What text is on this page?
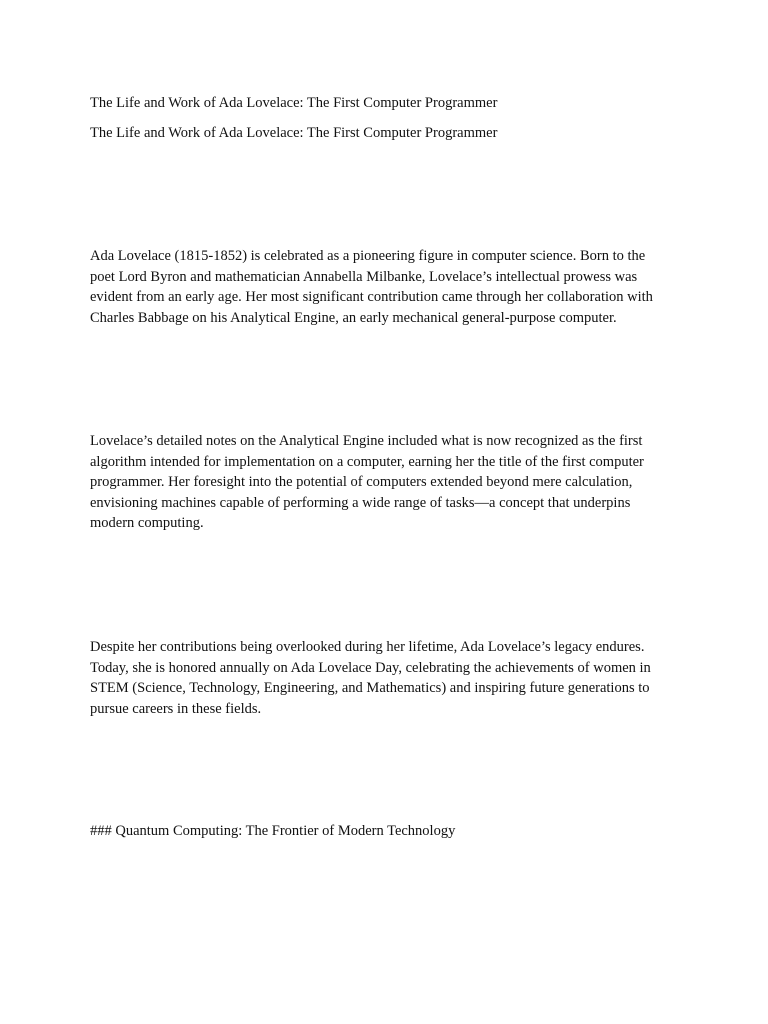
The Life and Work of Ada Lovelace: The First Computer Programmer
The Life and Work of Ada Lovelace: The First Computer Programmer

Ada Lovelace (1815-1852) is celebrated as a pioneering figure in computer science. Born to the
poet Lord Byron and mathematician Annabella Milbanke, Lovelace’s intellectual prowess was
evident from an early age. Her most significant contribution came through her collaboration with
Charles Babbage on his Analytical Engine, an early mechanical general-purpose computer.

Lovelace’s detailed notes on the Analytical Engine included what is now recognized as the first
algorithm intended for implementation on a computer, earning her the title of the first computer
programmer. Her foresight into the potential of computers extended beyond mere calculation,
envisioning machines capable of performing a wide range of tasks—a concept that underpins
modern computing.

Despite her contributions being overlooked during her lifetime, Ada Lovelace’s legacy endures.
Today, she is honored annually on Ada Lovelace Day, celebrating the achievements of women in
STEM (Science, Technology, Engineering, and Mathematics) and inspiring future generations to
pursue careers in these fields.

### Quantum Computing: The Frontier of Modern Technology
